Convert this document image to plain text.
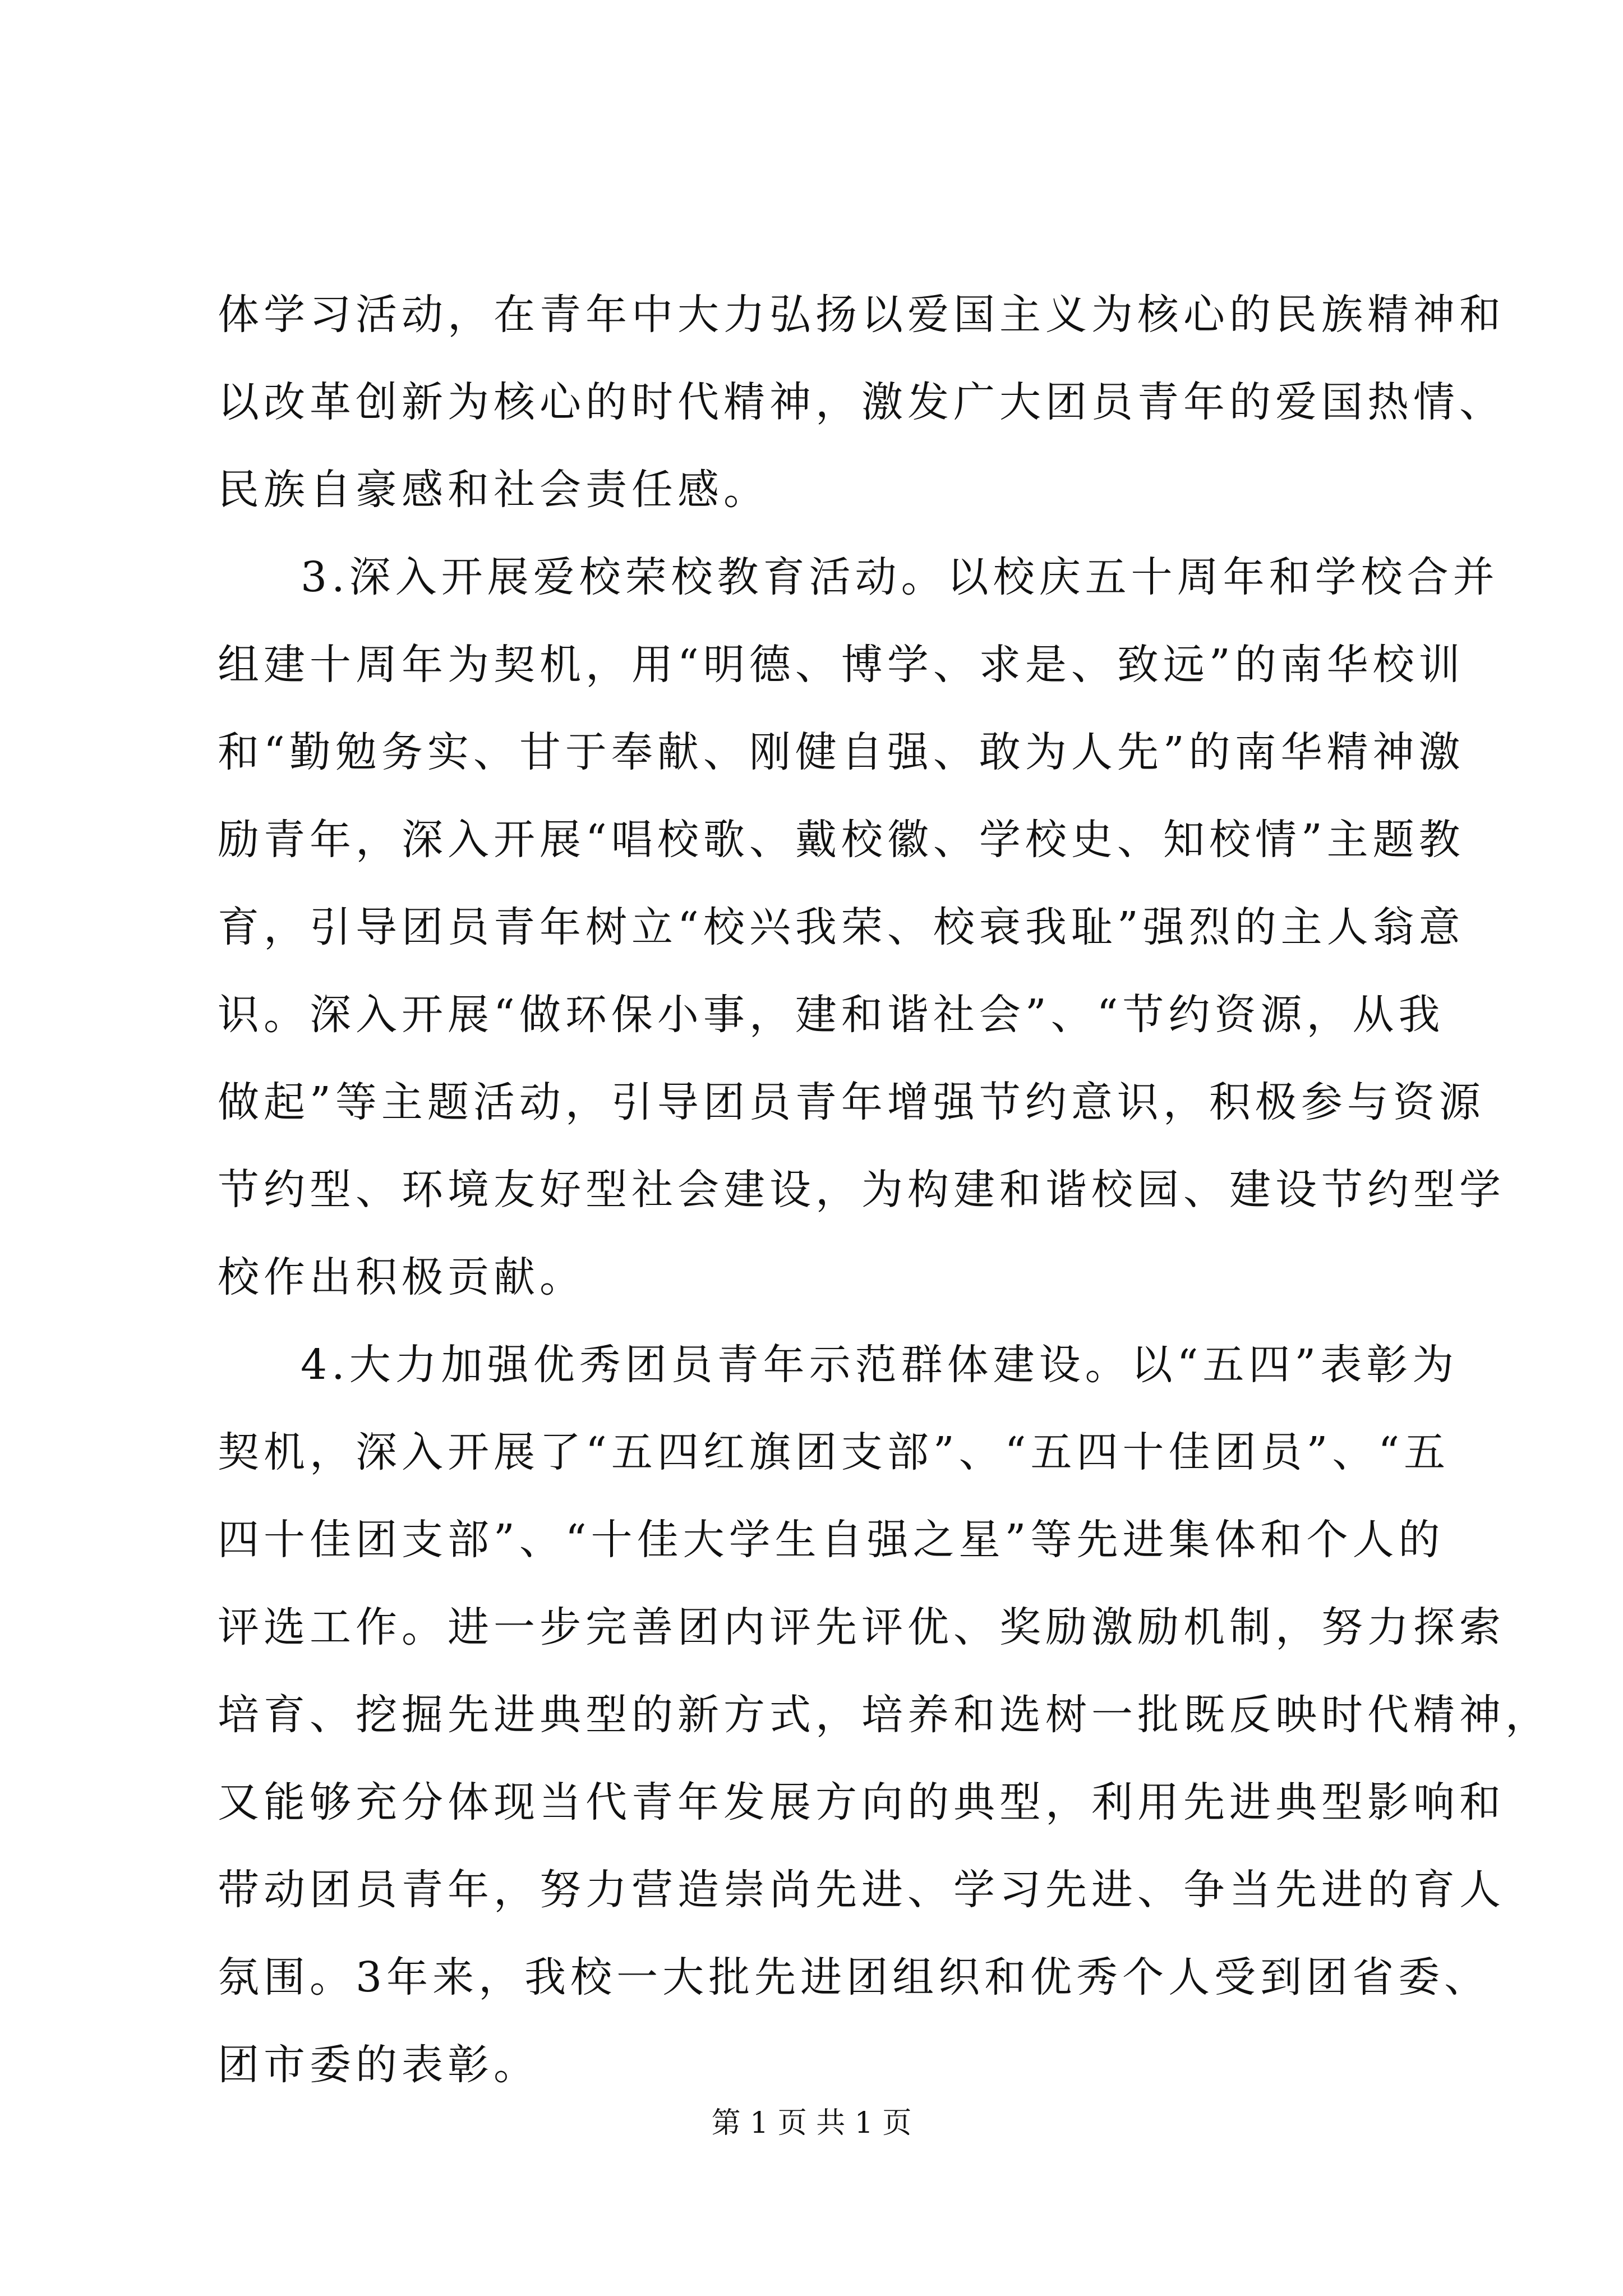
体学习活动，在青年中大力弘扬以爱国主义为核心的民族精神和
以改革创新为核心的时代精神，激发广大团员青年的爱国热情、
民族自豪感和社会责任感。
3.深入开展爱校荣校教育活动。以校庆五十周年和学校合并
组建十周年为契机，用“明德、博学、求是、致远”的南华校训
和“勤勉务实、甘于奉献、刚健自强、敢为人先”的南华精神激
励青年，深入开展“唱校歌、戴校徽、学校史、知校情”主题教
育，引导团员青年树立“校兴我荣、校衰我耻”强烈的主人翁意
识。深入开展“做环保小事，建和谐社会”、“节约资源，从我
做起”等主题活动，引导团员青年增强节约意识，积极参与资源
节约型、环境友好型社会建设，为构建和谐校园、建设节约型学
校作出积极贡献。
4.大力加强优秀团员青年示范群体建设。以“五四”表彰为
契机，深入开展了“五四红旗团支部”、“五四十佳团员”、“五
四十佳团支部”、“十佳大学生自强之星”等先进集体和个人的
评选工作。进一步完善团内评先评优、奖励激励机制，努力探索
培育、挖掘先进典型的新方式，培养和选树一批既反映时代精神，
又能够充分体现当代青年发展方向的典型，利用先进典型影响和
带动团员青年，努力营造崇尚先进、学习先进、争当先进的育人
氛围。3年来，我校一大批先进团组织和优秀个人受到团省委、
团市委的表彰。
第 1 页 共 1 页
